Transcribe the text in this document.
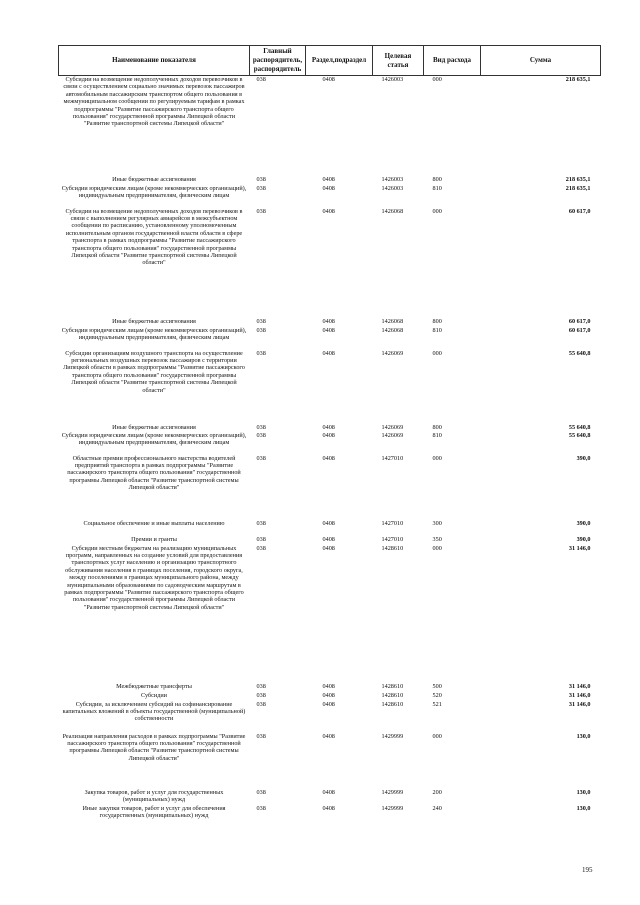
Наименование показателя	Главный распорядитель, распорядитель	Раздел,подраздел	Целевая статья	Вид расхода	Сумма
Субсидии на возмещение недополученных доходов перевозчиков в связи с осуществлением социально значимых перевозок пассажиров автомобильным пассажирским транспортом общего пользования в межмуниципальном сообщении по регулируемым тарифам в рамках подпрограммы "Развитие пассажирского транспорта общего пользования" государственной программы Липецкой области "Развитие транспортной системы Липецкой области"	038	0408	1426003	000	218 635,1
Иные бюджетные ассигнования	038	0408	1426003	800	218 635,1
Субсидии юридическим лицам (кроме некоммерческих организаций), индивидуальным предпринимателям, физическим лицам	038	0408	1426003	810	218 635,1
Субсидии на возмещение недополученных доходов перевозчиков в связи с выполнением регулярных авиарейсов в межсубъектном сообщении по расписанию, установленному уполномоченным исполнительным органом государственной власти области в сфере транспорта в рамках подпрограммы "Развитие пассажирского транспорта общего пользования" государственной программы Липецкой области "Развитие транспортной системы Липецкой области"	038	0408	1426068	000	60 617,0
Иные бюджетные ассигнования	038	0408	1426068	800	60 617,0
Субсидии юридическим лицам (кроме некоммерческих организаций), индивидуальным предпринимателям, физическим лицам	038	0408	1426068	810	60 617,0
Субсидии организациям воздушного транспорта на осуществление региональных воздушных перевозок пассажиров с территории Липецкой области в рамках подпрограммы "Развитие пассажирского транспорта общего пользования" государственной программы Липецкой области "Развитие транспортной системы Липецкой области"	038	0408	1426069	000	55 640,8
Иные бюджетные ассигнования	038	0408	1426069	800	55 640,8
Субсидии юридическим лицам (кроме некоммерческих организаций), индивидуальным предпринимателям, физическим лицам	038	0408	1426069	810	55 640,8
Областные премии профессионального мастерства водителей предприятий транспорта в рамках подпрограммы "Развитие пассажирского транспорта общего пользования" государственной программы Липецкой области "Развитие транспортной системы Липецкой области"	038	0408	1427010	000	390,0
Социальное обеспечение и иные выплаты населению	038	0408	1427010	300	390,0
Премии и гранты	038	0408	1427010	350	390,0
Субсидии местным бюджетам на реализацию муниципальных программ, направленных на создание условий для предоставления транспортных услуг населению и организацию транспортного обслуживания населения в границах поселения, городского округа, между поселениями в границах муниципального района, между муниципальными образованиями по садоводческим маршрутам в рамках подпрограммы "Развитие пассажирского транспорта общего пользования" государственной программы Липецкой области "Развитие транспортной системы Липецкой области"	038	0408	1428610	000	31 146,0
Межбюджетные трансферты	038	0408	1428610	500	31 146,0
Субсидии	038	0408	1428610	520	31 146,0
Субсидии, за исключением субсидий на софинансирование капитальных вложений в объекты государственной (муниципальной) собственности	038	0408	1428610	521	31 146,0
Реализация направления расходов в рамках подпрограммы "Развитие пассажирского транспорта общего пользования" государственной программы Липецкой области "Развитие транспортной системы Липецкой области"	038	0408	1429999	000	130,0
Закупка товаров, работ и услуг для государственных (муниципальных) нужд	038	0408	1429999	200	130,0
Иные закупки товаров, работ и услуг для обеспечения государственных (муниципальных) нужд	038	0408	1429999	240	130,0
195
